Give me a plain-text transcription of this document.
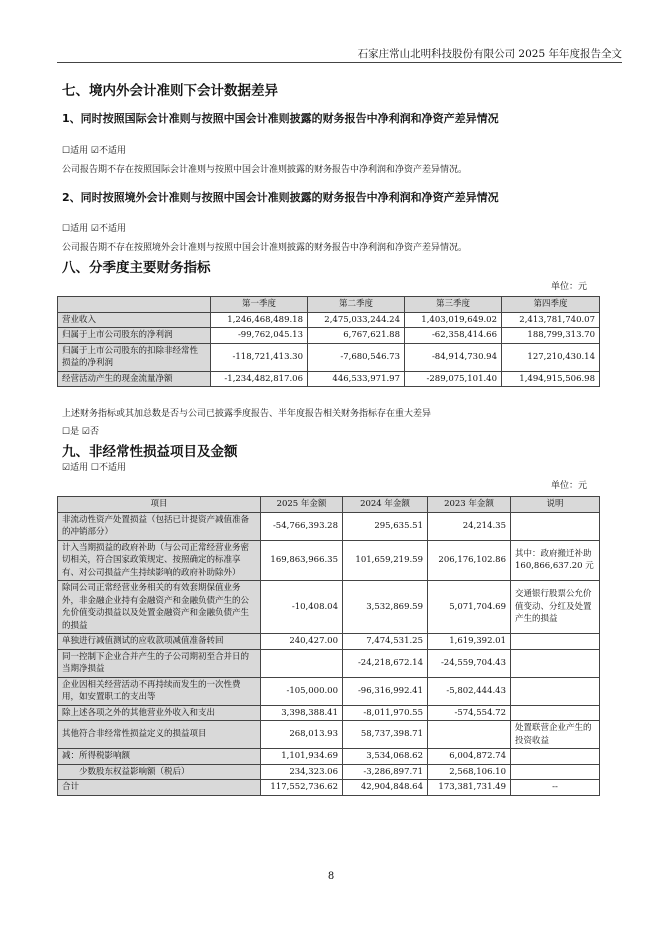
石家庄常山北明科技股份有限公司 2025 年年度报告全文
七、境内外会计准则下会计数据差异
1、同时按照国际会计准则与按照中国会计准则披露的财务报告中净利润和净资产差异情况
☐适用 ☑不适用
公司报告期不存在按照国际会计准则与按照中国会计准则披露的财务报告中净利润和净资产差异情况。
2、同时按照境外会计准则与按照中国会计准则披露的财务报告中净利润和净资产差异情况
☐适用 ☑不适用
公司报告期不存在按照境外会计准则与按照中国会计准则披露的财务报告中净利润和净资产差异情况。
八、分季度主要财务指标
单位：元
	第一季度	第二季度	第三季度	第四季度
营业收入	1,246,468,489.18	2,475,033,244.24	1,403,019,649.02	2,413,781,740.07
归属于上市公司股东的净利润	-99,762,045.13	6,767,621.88	-62,358,414.66	188,799,313.70
归属于上市公司股东的扣除非经常性损益的净利润	-118,721,413.30	-7,680,546.73	-84,914,730.94	127,210,430.14
经营活动产生的现金流量净额	-1,234,482,817.06	446,533,971.97	-289,075,101.40	1,494,915,506.98
上述财务指标或其加总数是否与公司已披露季度报告、半年度报告相关财务指标存在重大差异
☐是 ☑否
九、非经常性损益项目及金额
☑适用 ☐不适用
单位：元
项目	2025 年金额	2024 年金额	2023 年金额	说明
非流动性资产处置损益（包括已计提资产减值准备的冲销部分）	-54,766,393.28	295,635.51	24,214.35	
计入当期损益的政府补助（与公司正常经营业务密切相关，符合国家政策规定、按照确定的标准享有、对公司损益产生持续影响的政府补助除外）	169,863,966.35	101,659,219.59	206,176,102.86	其中：政府搬迁补助 160,866,637.20 元
除同公司正常经营业务相关的有效套期保值业务外，非金融企业持有金融资产和金融负债产生的公允价值变动损益以及处置金融资产和金融负债产生的损益	-10,408.04	3,532,869.59	5,071,704.69	交通银行股票公允价值变动、分红及处置产生的损益
单独进行减值测试的应收款项减值准备转回	240,427.00	7,474,531.25	1,619,392.01	
同一控制下企业合并产生的子公司期初至合并日的当期净损益		-24,218,672.14	-24,559,704.43	
企业因相关经营活动不再持续而发生的一次性费用，如安置职工的支出等	-105,000.00	-96,316,992.41	-5,802,444.43	
除上述各项之外的其他营业外收入和支出	3,398,388.41	-8,011,970.55	-574,554.72	
其他符合非经常性损益定义的损益项目	268,013.93	58,737,398.71		处置联营企业产生的投资收益
减：所得税影响额	1,101,934.69	3,534,068.62	6,004,872.74	
　　少数股东权益影响额（税后）	234,323.06	-3,286,897.71	2,568,106.10	
合计	117,552,736.62	42,904,848.64	173,381,731.49	--
8
